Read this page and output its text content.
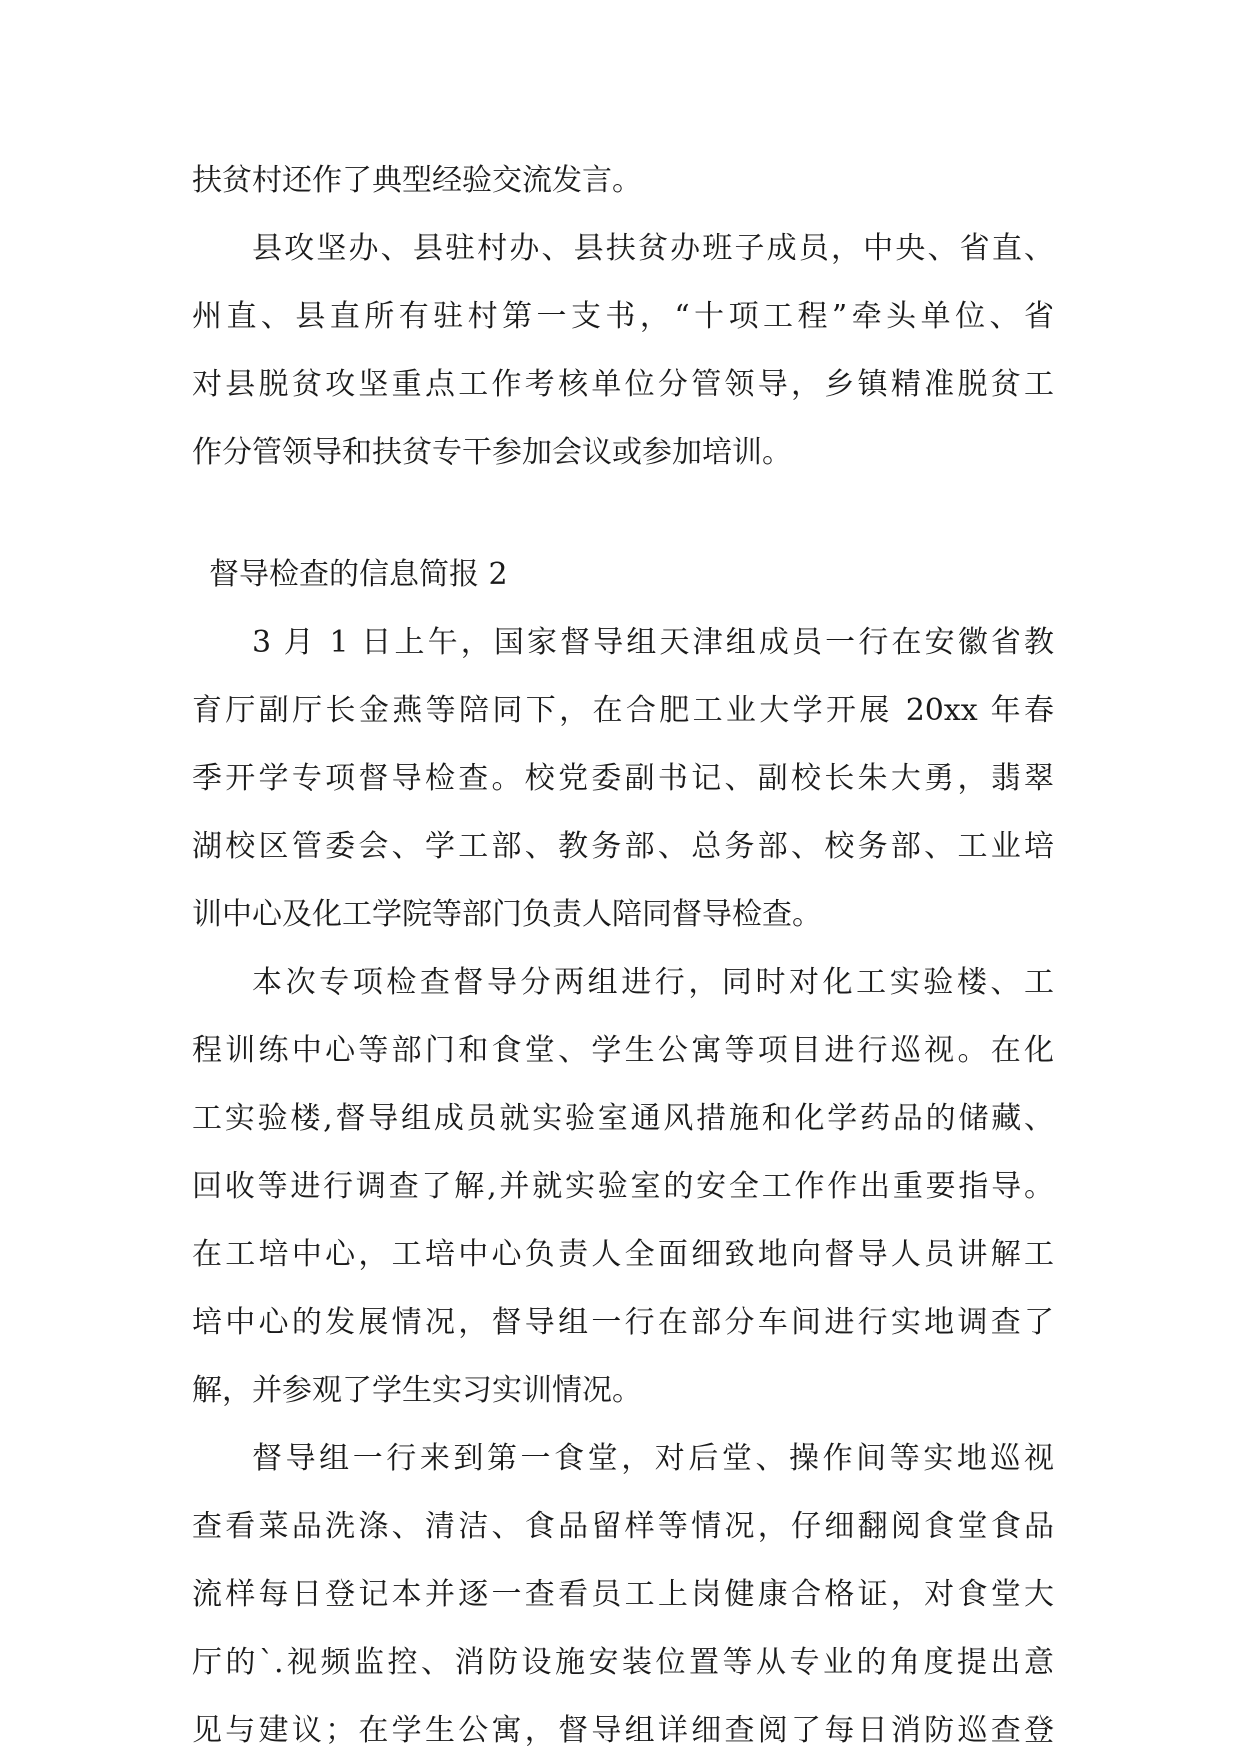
扶贫村还作了典型经验交流发言。

县攻坚办、县驻村办、县扶贫办班子成员，中央、省直、

州直、县直所有驻村第一支书，“十项工程”牵头单位、省

对县脱贫攻坚重点工作考核单位分管领导，乡镇精准脱贫工

作分管领导和扶贫专干参加会议或参加培训。

督导检查的信息简报 2

3 月 1 日上午，国家督导组天津组成员一行在安徽省教

育厅副厅长金燕等陪同下，在合肥工业大学开展 20xx 年春

季开学专项督导检查。校党委副书记、副校长朱大勇，翡翠

湖校区管委会、学工部、教务部、总务部、校务部、工业培

训中心及化工学院等部门负责人陪同督导检查。

本次专项检查督导分两组进行，同时对化工实验楼、工

程训练中心等部门和食堂、学生公寓等项目进行巡视。在化

工实验楼,督导组成员就实验室通风措施和化学药品的储藏、

回收等进行调查了解,并就实验室的安全工作作出重要指导。

在工培中心，工培中心负责人全面细致地向督导人员讲解工

培中心的发展情况，督导组一行在部分车间进行实地调查了

解，并参观了学生实习实训情况。

督导组一行来到第一食堂，对后堂、操作间等实地巡视

查看菜品洗涤、清洁、食品留样等情况，仔细翻阅食堂食品

流样每日登记本并逐一查看员工上岗健康合格证，对食堂大

厅的`.视频监控、消防设施安装位置等从专业的角度提出意

见与建议；在学生公寓，督导组详细查阅了每日消防巡查登
